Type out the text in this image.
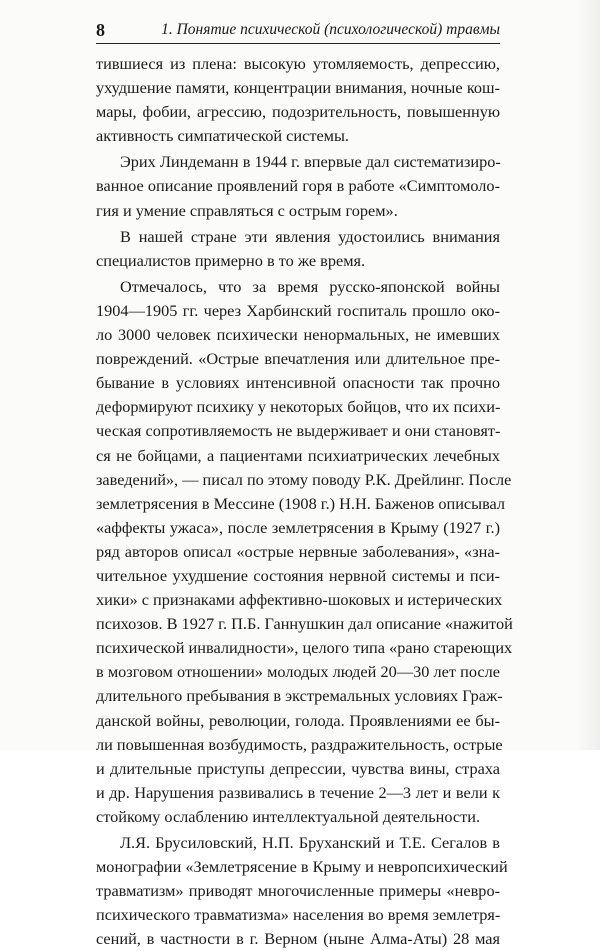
8	1. Понятие психической (психологической) травмы
тившиеся из плена: высокую утомляемость, депрессию,
ухудшение памяти, концентрации внимания, ночные кош-
мары, фобии, агрессию, подозрительность, повышенную
активность симпатической системы.
Эрих Линдеманн в 1944 г. впервые дал систематизиро-
ванное описание проявлений горя в работе «Симптомоло-
гия и умение справляться с острым горем».
В нашей стране эти явления удостоились внимания
специалистов примерно в то же время.
Отмечалось, что за время русско-японской войны
1904—1905 гг. через Харбинский госпиталь прошло око-
ло 3000 человек психически ненормальных, не имевших
повреждений. «Острые впечатления или длительное пре-
бывание в условиях интенсивной опасности так прочно
деформируют психику у некоторых бойцов, что их психи-
ческая сопротивляемость не выдерживает и они становят-
ся не бойцами, а пациентами психиатрических лечебных
заведений», — писал по этому поводу Р.К. Дрейлинг. После
землетрясения в Мессине (1908 г.) Н.Н. Баженов описывал
«аффекты ужаса», после землетрясения в Крыму (1927 г.)
ряд авторов описал «острые нервные заболевания», «зна-
чительное ухудшение состояния нервной системы и пси-
хики» с признаками аффективно-шоковых и истерических
психозов. В 1927 г. П.Б. Ганнушкин дал описание «нажитой
психической инвалидности», целого типа «рано стареющих
в мозговом отношении» молодых людей 20—30 лет после
длительного пребывания в экстремальных условиях Граж-
данской войны, революции, голода. Проявлениями ее бы-
ли повышенная возбудимость, раздражительность, острые
и длительные приступы депрессии, чувства вины, страха
и др. Нарушения развивались в течение 2—3 лет и вели к
стойкому ослаблению интеллектуальной деятельности.
Л.Я. Брусиловский, Н.П. Бруханский и Т.Е. Сегалов в
монографии «Землетрясение в Крыму и невропсихический
травматизм» приводят многочисленные примеры «невро-
психического травматизма» населения во время землетря-
сений, в частности в г. Верном (ныне Алма-Аты) 28 мая
